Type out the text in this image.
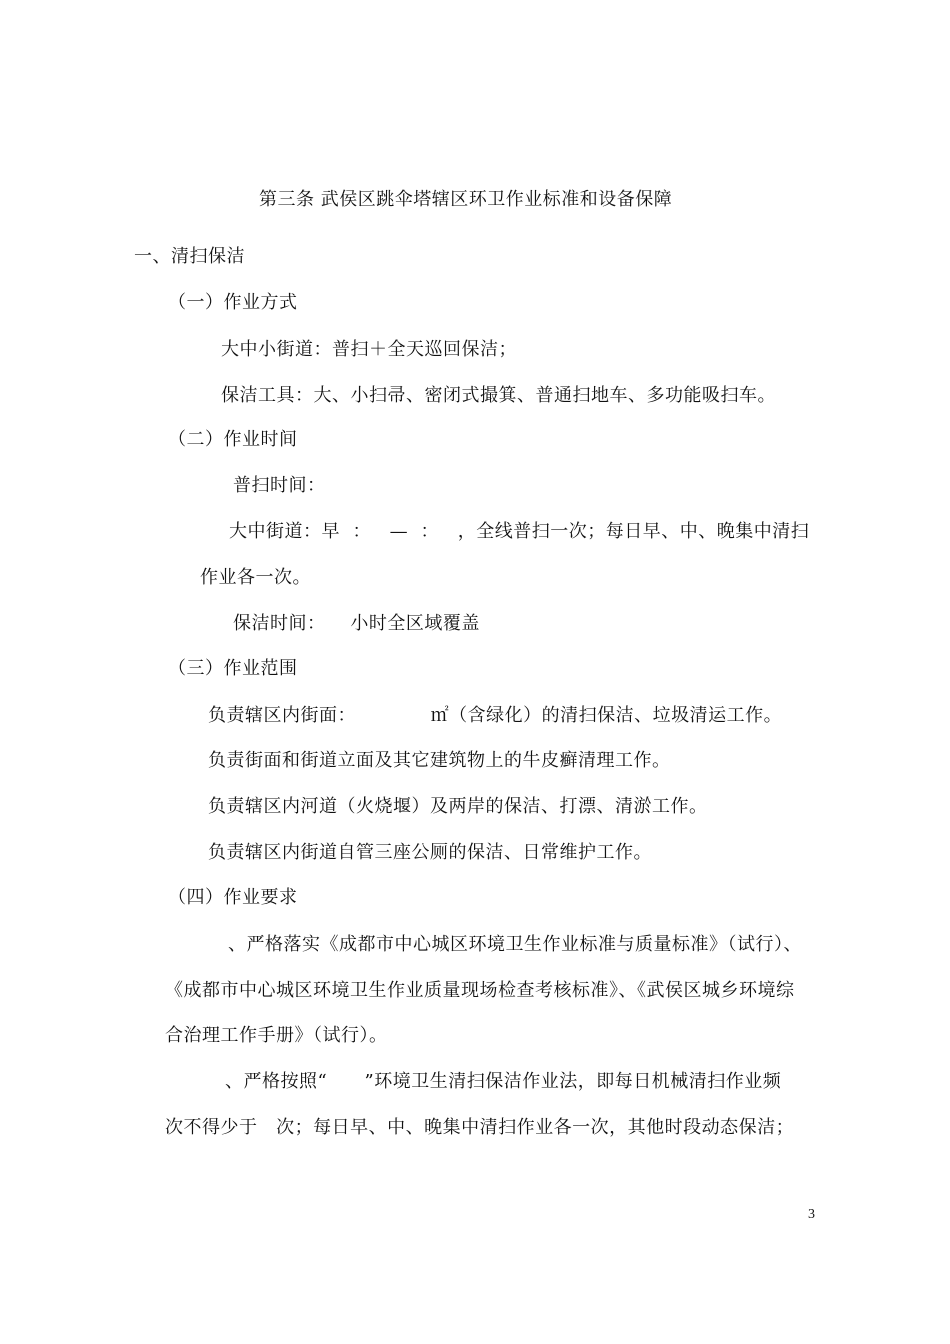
第三条 武侯区跳伞塔辖区环卫作业标准和设备保障
一、清扫保洁
（一）作业方式
大中小街道：普扫＋全天巡回保洁；
保洁工具：大、小扫帚、密闭式撮箕、普通扫地车、多功能吸扫车。
（二）作业时间
普扫时间：
大中街道：早  ：   —  ：   ，全线普扫一次；每日早、中、晚集中清扫
作业各一次。
保洁时间：    小时全区域覆盖
（三）作业范围
负责辖区内街面：            ㎡（含绿化）的清扫保洁、垃圾清运工作。
负责街面和街道立面及其它建筑物上的牛皮癣清理工作。
负责辖区内河道（火烧堰）及两岸的保洁、打漂、清淤工作。
负责辖区内街道自管三座公厕的保洁、日常维护工作。
（四）作业要求
、严格落实《成都市中心城区环境卫生作业标准与质量标准》（试行）、
《成都市中心城区环境卫生作业质量现场检查考核标准》、《武侯区城乡环境综
合治理工作手册》（试行）。
、严格按照“      ”环境卫生清扫保洁作业法，即每日机械清扫作业频
次不得少于   次；每日早、中、晚集中清扫作业各一次，其他时段动态保洁；
3
